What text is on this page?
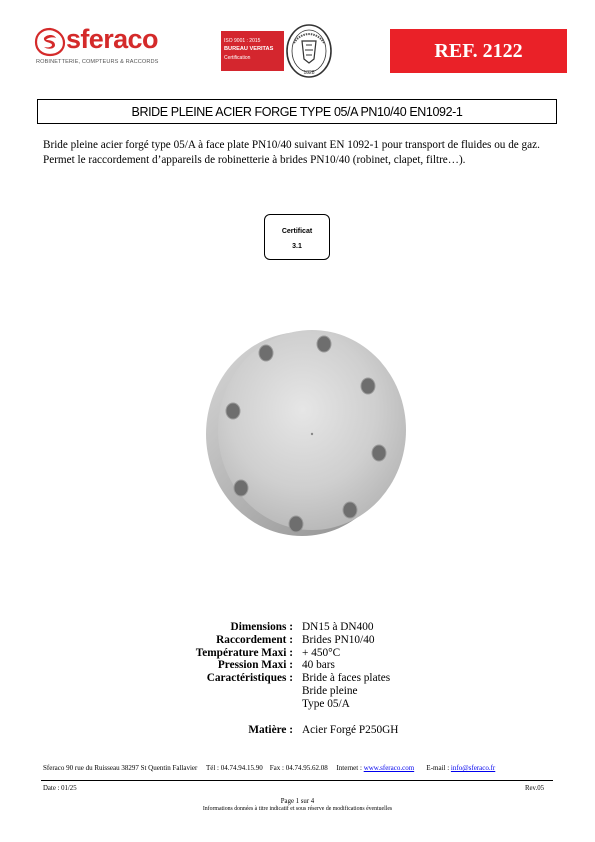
sferaco
ROBINETTERIE, COMPTEURS & RACCORDS
ISO 9001 : 2015
BUREAU VERITAS
Certification
1828
REF. 2122
BRIDE PLEINE ACIER FORGE TYPE 05/A PN10/40 EN1092-1
Bride pleine acier forgé type 05/A à face plate PN10/40 suivant EN 1092-1 pour transport de fluides ou de gaz. Permet le raccordement d’appareils de robinetterie à brides PN10/40 (robinet, clapet, filtre…).
Certificat
3.1
Dimensions : DN15 à DN400
Raccordement : Brides PN10/40
Température Maxi : + 450°C
Pression Maxi : 40 bars
Caractéristiques : Bride à faces plates
Bride pleine
Type 05/A
Matière : Acier Forgé P250GH
Sferaco 90 rue du Ruisseau 38297 St Quentin Fallavier Tél : 04.74.94.15.90 Fax : 04.74.95.62.08 Internet : www.sferaco.com E-mail : info@sferaco.fr
Date : 01/25	Rev.05
Page 1 sur 4
Informations données à titre indicatif et sous réserve de modifications éventuelles
